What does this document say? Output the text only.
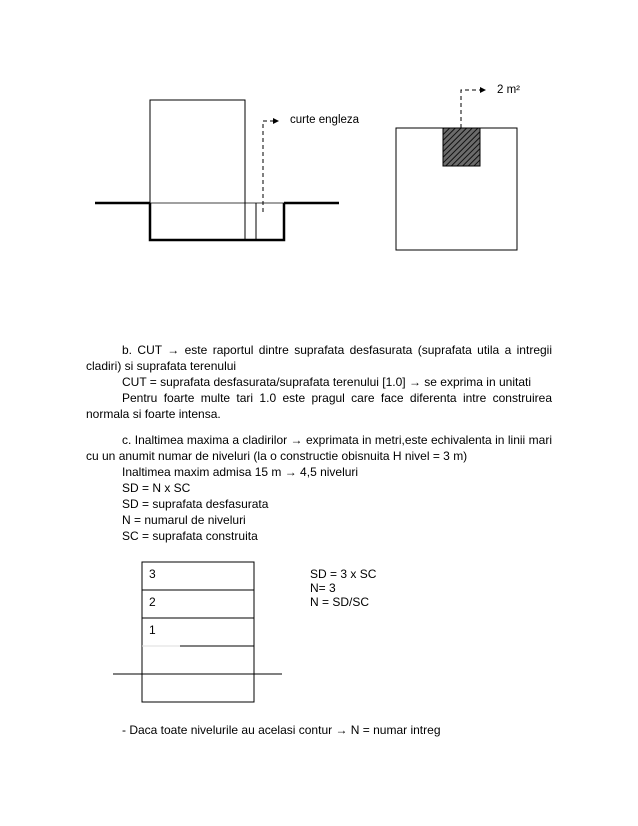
curte engleza
2 m²
b. CUT → este raportul dintre suprafata desfasurata (suprafata utila a intregii cladiri) si suprafata terenului
CUT = suprafata desfasurata/suprafata terenului [1.0] → se exprima in unitati
Pentru foarte multe tari 1.0 este pragul care face diferenta intre construirea normala si foarte intensa.
c. Inaltimea maxima a cladirilor → exprimata in metri,este echivalenta in linii mari cu un anumit numar de niveluri (la o constructie obisnuita H nivel = 3 m)
Inaltimea maxim admisa 15 m → 4,5 niveluri
SD = N x SC
SD = suprafata desfasurata
N = numarul de niveluri
SC = suprafata construita
3
2
1
SD = 3 x SC
N= 3
N = SD/SC
- Daca toate nivelurile au acelasi contur → N = numar intreg
